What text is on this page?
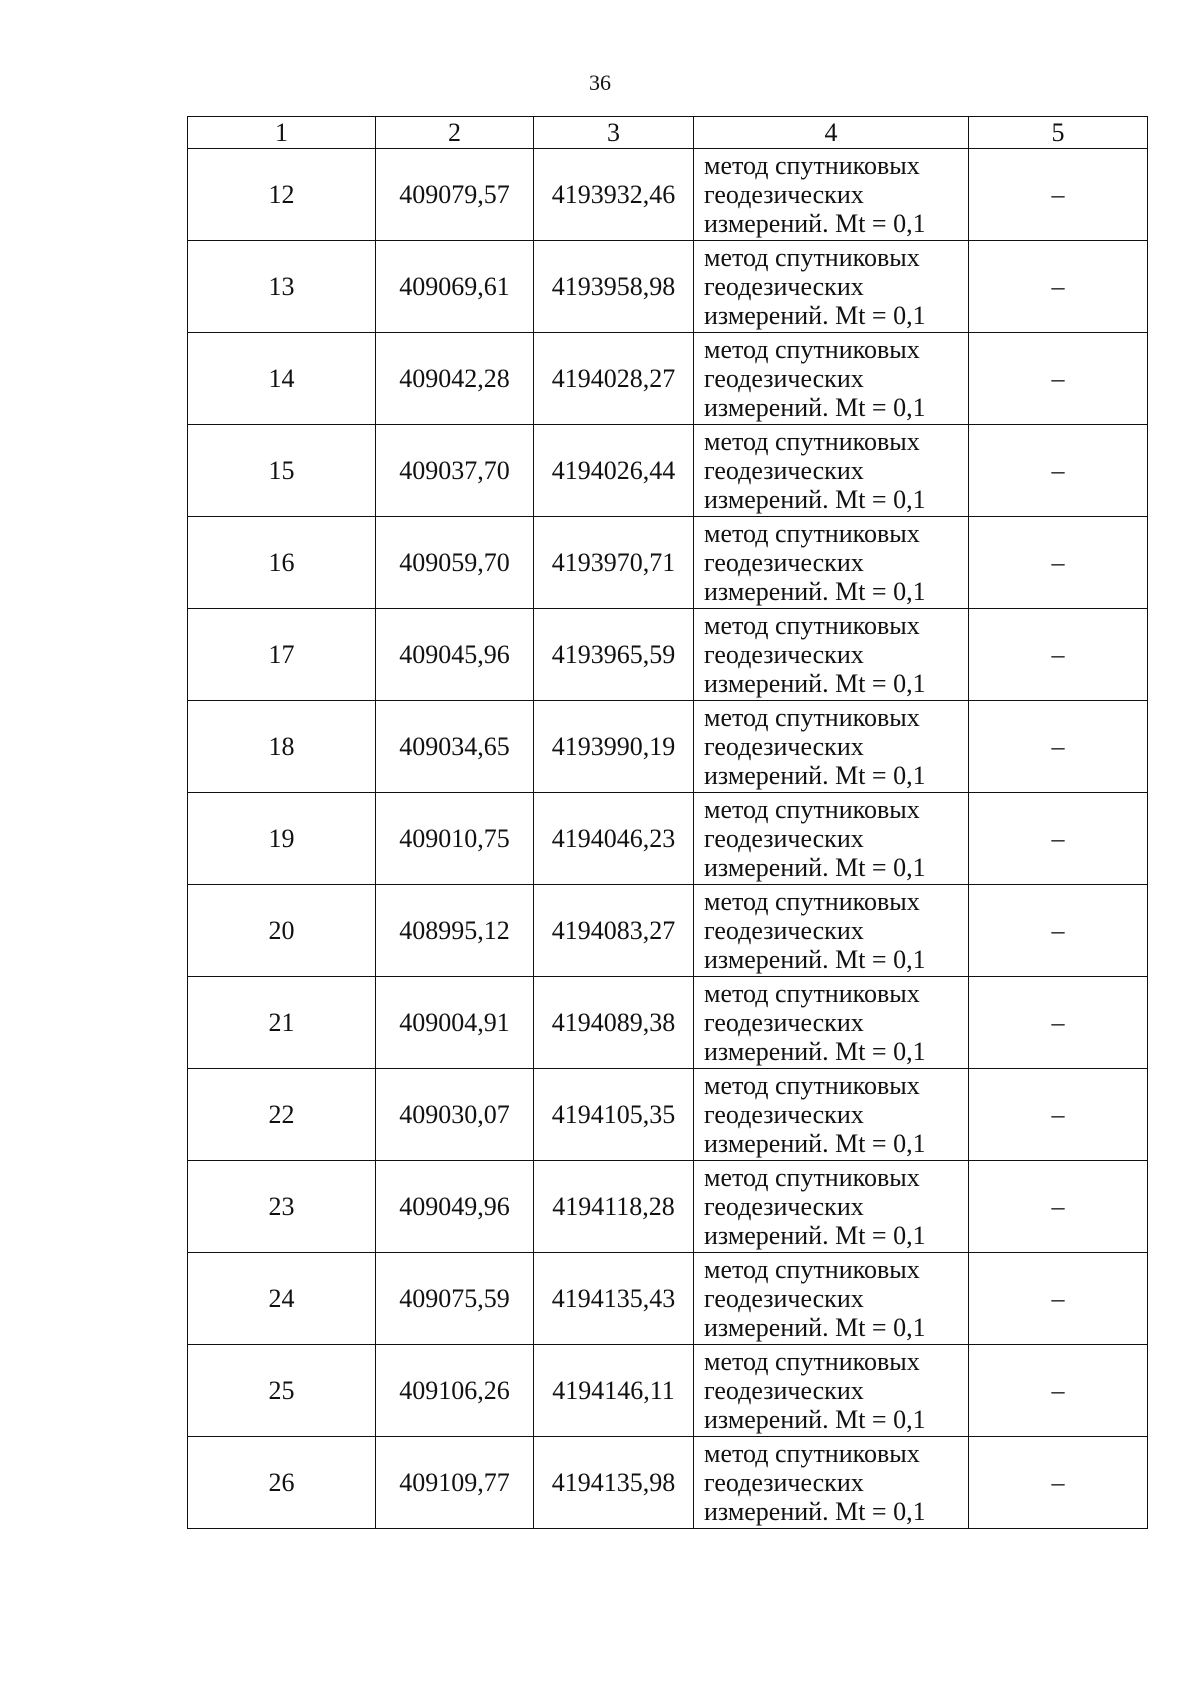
36
1	2	3	4	5
12	409079,57	4193932,46	метод спутниковых
геодезических
измерений. Mt = 0,1	–
13	409069,61	4193958,98	метод спутниковых
геодезических
измерений. Mt = 0,1	–
14	409042,28	4194028,27	метод спутниковых
геодезических
измерений. Mt = 0,1	–
15	409037,70	4194026,44	метод спутниковых
геодезических
измерений. Mt = 0,1	–
16	409059,70	4193970,71	метод спутниковых
геодезических
измерений. Mt = 0,1	–
17	409045,96	4193965,59	метод спутниковых
геодезических
измерений. Mt = 0,1	–
18	409034,65	4193990,19	метод спутниковых
геодезических
измерений. Mt = 0,1	–
19	409010,75	4194046,23	метод спутниковых
геодезических
измерений. Mt = 0,1	–
20	408995,12	4194083,27	метод спутниковых
геодезических
измерений. Mt = 0,1	–
21	409004,91	4194089,38	метод спутниковых
геодезических
измерений. Mt = 0,1	–
22	409030,07	4194105,35	метод спутниковых
геодезических
измерений. Mt = 0,1	–
23	409049,96	4194118,28	метод спутниковых
геодезических
измерений. Mt = 0,1	–
24	409075,59	4194135,43	метод спутниковых
геодезических
измерений. Mt = 0,1	–
25	409106,26	4194146,11	метод спутниковых
геодезических
измерений. Mt = 0,1	–
26	409109,77	4194135,98	метод спутниковых
геодезических
измерений. Mt = 0,1	–
